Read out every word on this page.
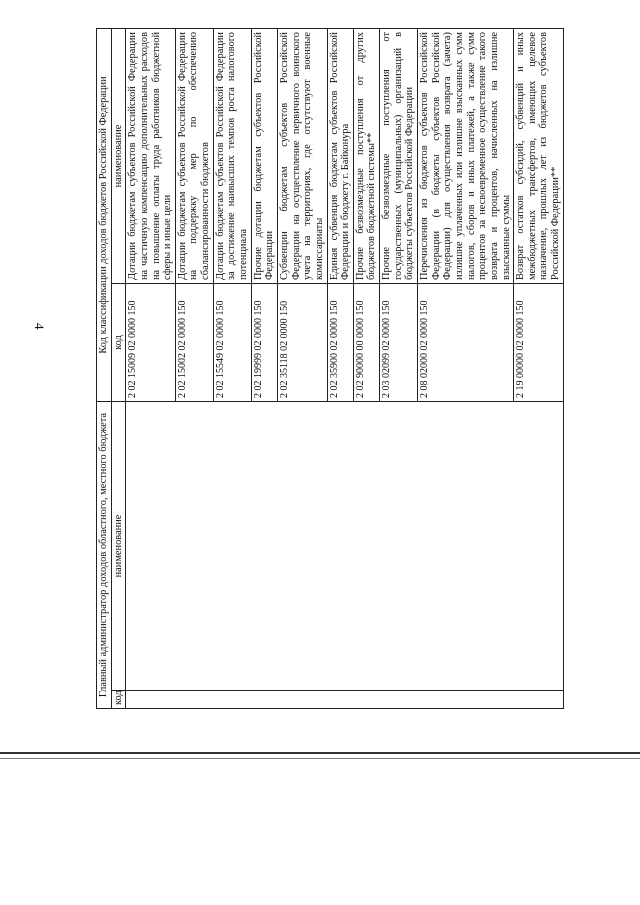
4
Главный администратор доходов областного, местного бюджета		Код классификации доходов бюджетов Российской Федерации	
код	наименование	код	наименование
		2 02 15009 02 0000 150	Дотации бюджетам субъектов Российской Федерации на частичную компенсацию дополнительных расходов на повышение оплаты труда работников бюджетной сферы и иные цели
		2 02 15002 02 0000 150	Дотации бюджетам субъектов Российской Федерации на поддержку мер по обеспечению сбалансированности бюджетов
		2 02 15549 02 0000 150	Дотации бюджетам субъектов Российской Федерации за достижение наивысших темпов роста налогового потенциала
		2 02 19999 02 0000 150	Прочие дотации бюджетам субъектов Российской Федерации
		2 02 35118 02 0000 150	Субвенции бюджетам субъектов Российской Федерации на осуществление первичного воинского учета на территориях, где отсутствуют военные комиссариаты
		2 02 35900 02 0000 150	Единая субвенция бюджетам субъектов Российской Федерации и бюджету г. Байконура
		2 02 90000 00 0000 150	Прочие безвозмездные поступления от других бюджетов бюджетной системы**
		2 03 02099 02 0000 150	Прочие безвозмездные поступления от государственных (муниципальных) организаций в бюджеты субъектов Российской Федерации
		2 08 02000 02 0000 150	Перечисления из бюджетов субъектов Российской Федерации (в бюджеты субъектов Российской Федерации) для осуществления возврата (зачета) излишне уплаченных или излишне взысканных сумм налогов, сборов и иных платежей, а также сумм процентов за несвоевременное осуществление такого возврата и процентов, начисленных на излишне взысканные суммы
		2 19 00000 02 0000 150	Возврат остатков субсидий, субвенций и иных межбюджетных трансфертов, имеющих целевое назначение, прошлых лет из бюджетов субъектов Российской Федерации**
